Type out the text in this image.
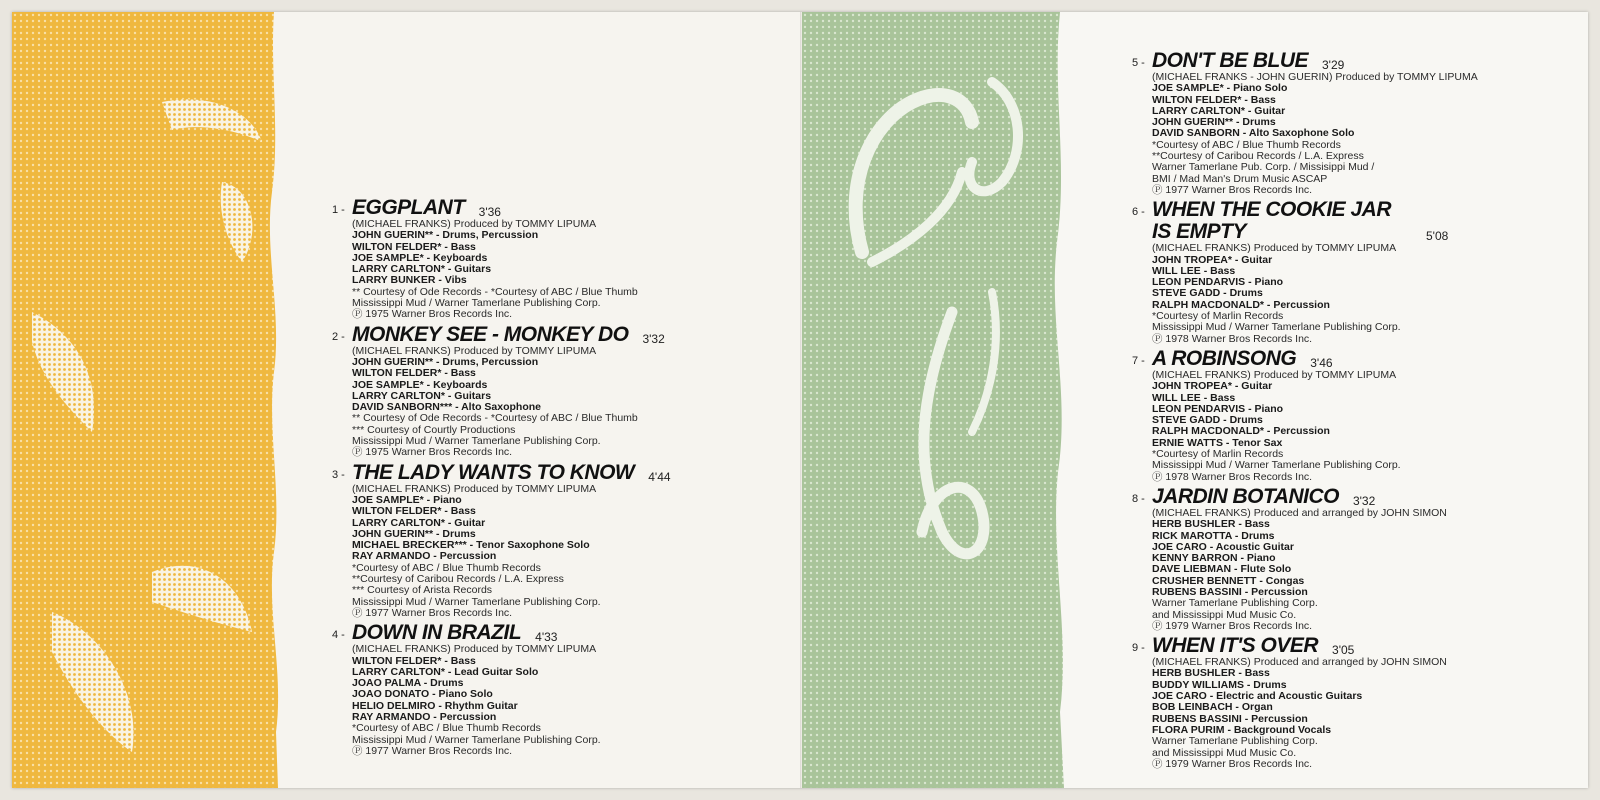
1 - EGGPLANT 3'36
(MICHAEL FRANKS) Produced by TOMMY LIPUMA
JOHN GUERIN** - Drums, Percussion
WILTON FELDER* - Bass
JOE SAMPLE* - Keyboards
LARRY CARLTON* - Guitars
LARRY BUNKER - Vibs
** Courtesy of Ode Records - *Courtesy of ABC / Blue Thumb
Mississippi Mud / Warner Tamerlane Publishing Corp.
Ⓟ 1975 Warner Bros Records Inc.
2 - MONKEY SEE - MONKEY DO 3'32
(MICHAEL FRANKS) Produced by TOMMY LIPUMA
JOHN GUERIN** - Drums, Percussion
WILTON FELDER* - Bass
JOE SAMPLE* - Keyboards
LARRY CARLTON* - Guitars
DAVID SANBORN*** - Alto Saxophone
** Courtesy of Ode Records - *Courtesy of ABC / Blue Thumb
*** Courtesy of Courtly Productions
Mississippi Mud / Warner Tamerlane Publishing Corp.
Ⓟ 1975 Warner Bros Records Inc.
3 - THE LADY WANTS TO KNOW 4'44
(MICHAEL FRANKS) Produced by TOMMY LIPUMA
JOE SAMPLE* - Piano
WILTON FELDER* - Bass
LARRY CARLTON* - Guitar
JOHN GUERIN** - Drums
MICHAEL BRECKER*** - Tenor Saxophone Solo
RAY ARMANDO - Percussion
*Courtesy of ABC / Blue Thumb Records
**Courtesy of Caribou Records / L.A. Express
*** Courtesy of Arista Records
Mississippi Mud / Warner Tamerlane Publishing Corp.
Ⓟ 1977 Warner Bros Records Inc.
4 - DOWN IN BRAZIL 4'33
(MICHAEL FRANKS) Produced by TOMMY LIPUMA
WILTON FELDER* - Bass
LARRY CARLTON* - Lead Guitar Solo
JOAO PALMA - Drums
JOAO DONATO - Piano Solo
HELIO DELMIRO - Rhythm Guitar
RAY ARMANDO - Percussion
*Courtesy of ABC / Blue Thumb Records
Mississippi Mud / Warner Tamerlane Publishing Corp.
Ⓟ 1977 Warner Bros Records Inc.
5 - DON'T BE BLUE 3'29
(MICHAEL FRANKS - JOHN GUERIN) Produced by TOMMY LIPUMA
JOE SAMPLE* - Piano Solo
WILTON FELDER* - Bass
LARRY CARLTON* - Guitar
JOHN GUERIN** - Drums
DAVID SANBORN - Alto Saxophone Solo
*Courtesy of ABC / Blue Thumb Records
**Courtesy of Caribou Records / L.A. Express
Warner Tamerlane Pub. Corp. / Missisippi Mud /
BMI / Mad Man's Drum Music ASCAP
Ⓟ 1977 Warner Bros Records Inc.
6 - WHEN THE COOKIE JAR IS EMPTY	5'08
(MICHAEL FRANKS) Produced by TOMMY LIPUMA
JOHN TROPEA* - Guitar
WILL LEE - Bass
LEON PENDARVIS - Piano
STEVE GADD - Drums
RALPH MACDONALD* - Percussion
*Courtesy of Marlin Records
Mississippi Mud / Warner Tamerlane Publishing Corp.
Ⓟ 1978 Warner Bros Records Inc.
7 - A ROBINSONG 3'46
(MICHAEL FRANKS) Produced by TOMMY LIPUMA
JOHN TROPEA* - Guitar
WILL LEE - Bass
LEON PENDARVIS - Piano
STEVE GADD - Drums
RALPH MACDONALD* - Percussion
ERNIE WATTS - Tenor Sax
*Courtesy of Marlin Records
Mississippi Mud / Warner Tamerlane Publishing Corp.
Ⓟ 1978 Warner Bros Records Inc.
8 - JARDIN BOTANICO 3'32
(MICHAEL FRANKS) Produced and arranged by JOHN SIMON
HERB BUSHLER - Bass
RICK MAROTTA - Drums
JOE CARO - Acoustic Guitar
KENNY BARRON - Piano
DAVE LIEBMAN - Flute Solo
CRUSHER BENNETT - Congas
RUBENS BASSINI - Percussion
Warner Tamerlane Publishing Corp.
and Mississippi Mud Music Co.
Ⓟ 1979 Warner Bros Records Inc.
9 - WHEN IT'S OVER 3'05
(MICHAEL FRANKS) Produced and arranged by JOHN SIMON
HERB BUSHLER - Bass
BUDDY WILLIAMS - Drums
JOE CARO - Electric and Acoustic Guitars
BOB LEINBACH - Organ
RUBENS BASSINI - Percussion
FLORA PURIM - Background Vocals
Warner Tamerlane Publishing Corp.
and Mississippi Mud Music Co.
Ⓟ 1979 Warner Bros Records Inc.
